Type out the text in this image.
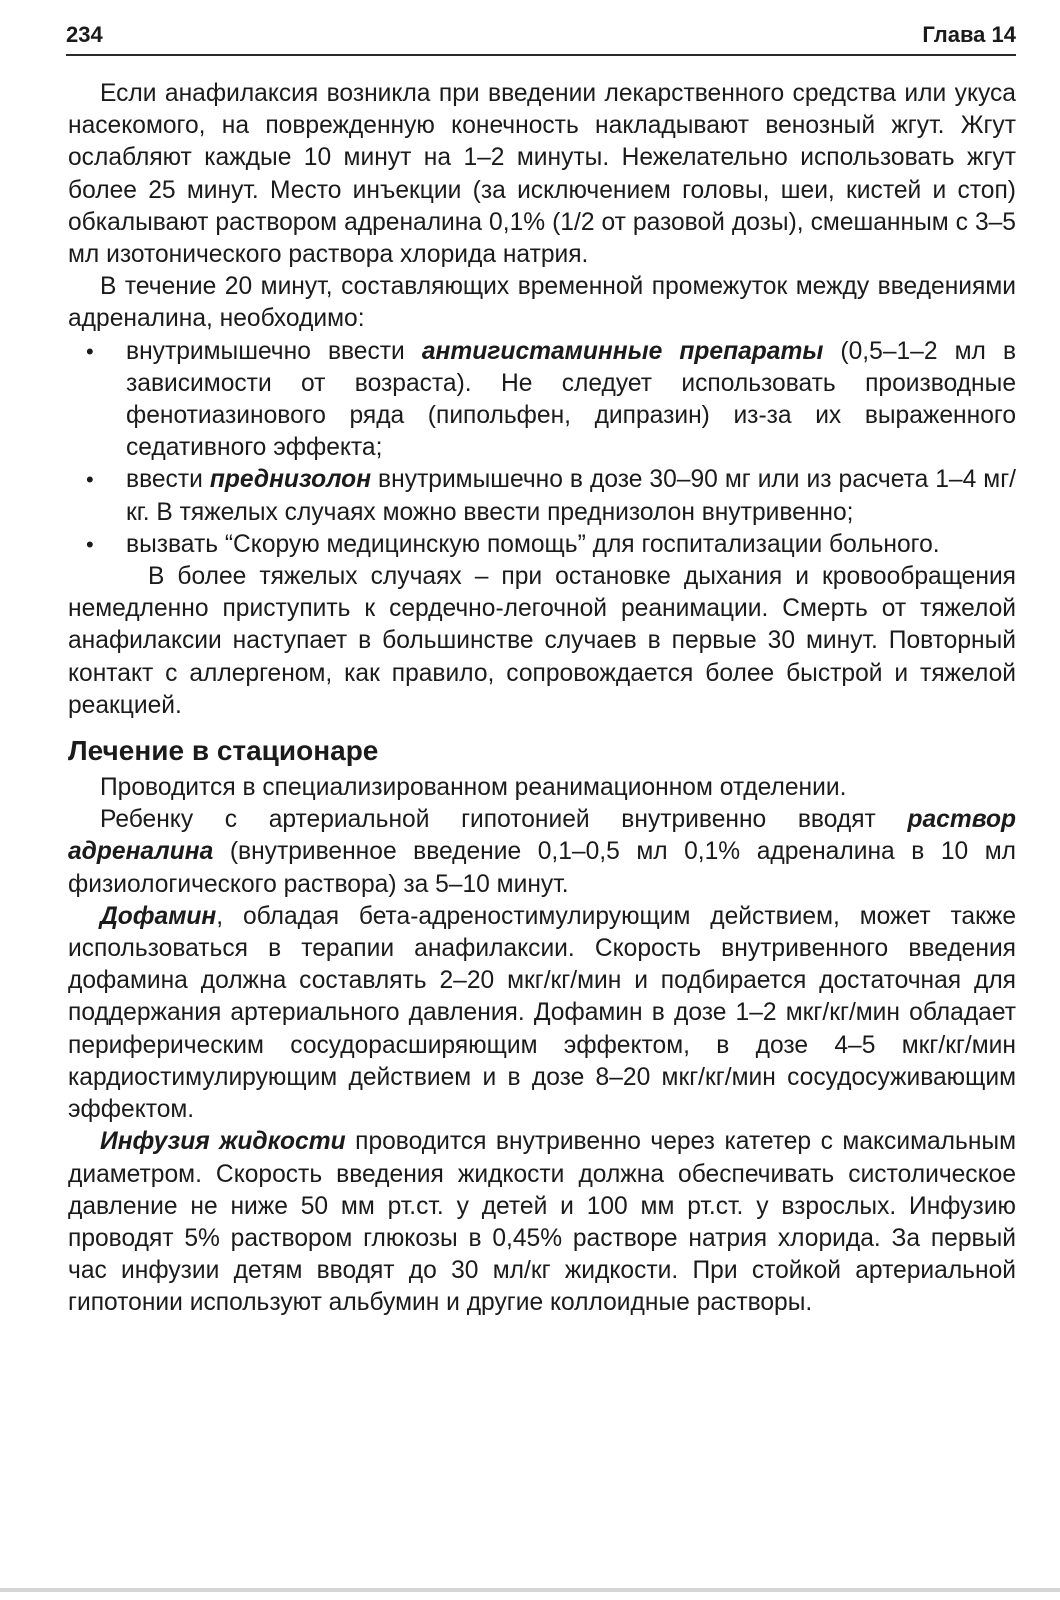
234	Глава 14

Если анафилаксия возникла при введении лекарственного средства или укуса насекомого, на поврежденную конечность накладывают венозный жгут. Жгут ослабляют каждые 10 минут на 1–2 минуты. Нежелательно использовать жгут более 25 минут. Место инъекции (за исключением головы, шеи, кистей и стоп) обкалывают раствором адреналина 0,1% (1/2 от разовой дозы), смешанным с 3–5 мл изотонического раствора хлорида натрия.

В течение 20 минут, составляющих временной промежуток между введениями адреналина, необходимо:

• внутримышечно ввести антигистаминные препараты (0,5–1–2 мл в зависимости от возраста). Не следует использовать производные фенотиазинового ряда (пипольфен, дипразин) из-за их выраженного седативного эффекта;
• ввести преднизолон внутримышечно в дозе 30–90 мг или из расчета 1–4 мг/кг. В тяжелых случаях можно ввести преднизолон внутривенно;
• вызвать “Скорую медицинскую помощь” для госпитализации больного.

В более тяжелых случаях – при остановке дыхания и кровообращения немедленно приступить к сердечно-легочной реанимации. Смерть от тяжелой анафилаксии наступает в большинстве случаев в первые 30 минут. Повторный контакт с аллергеном, как правило, сопровождается более быстрой и тяжелой реакцией.

Лечение в стационаре

Проводится в специализированном реанимационном отделении.

Ребенку с артериальной гипотонией внутривенно вводят раствор адреналина (внутривенное введение 0,1–0,5 мл 0,1% адреналина в 10 мл физиологического раствора) за 5–10 минут.

Дофамин, обладая бета-адреностимулирующим действием, может также использоваться в терапии анафилаксии. Скорость внутривенного введения дофамина должна составлять 2–20 мкг/кг/мин и подбирается достаточная для поддержания артериального давления. Дофамин в дозе 1–2 мкг/кг/мин обладает периферическим сосудорасширяющим эффектом, в дозе 4–5 мкг/кг/мин кардиостимулирующим действием и в дозе 8–20 мкг/кг/мин сосудосуживающим эффектом.

Инфузия жидкости проводится внутривенно через катетер с максимальным диаметром. Скорость введения жидкости должна обеспечивать систолическое давление не ниже 50 мм рт.ст. у детей и 100 мм рт.ст. у взрослых. Инфузию проводят 5% раствором глюкозы в 0,45% растворе натрия хлорида. За первый час инфузии детям вводят до 30 мл/кг жидкости. При стойкой артериальной гипотонии используют альбумин и другие коллоидные растворы.
